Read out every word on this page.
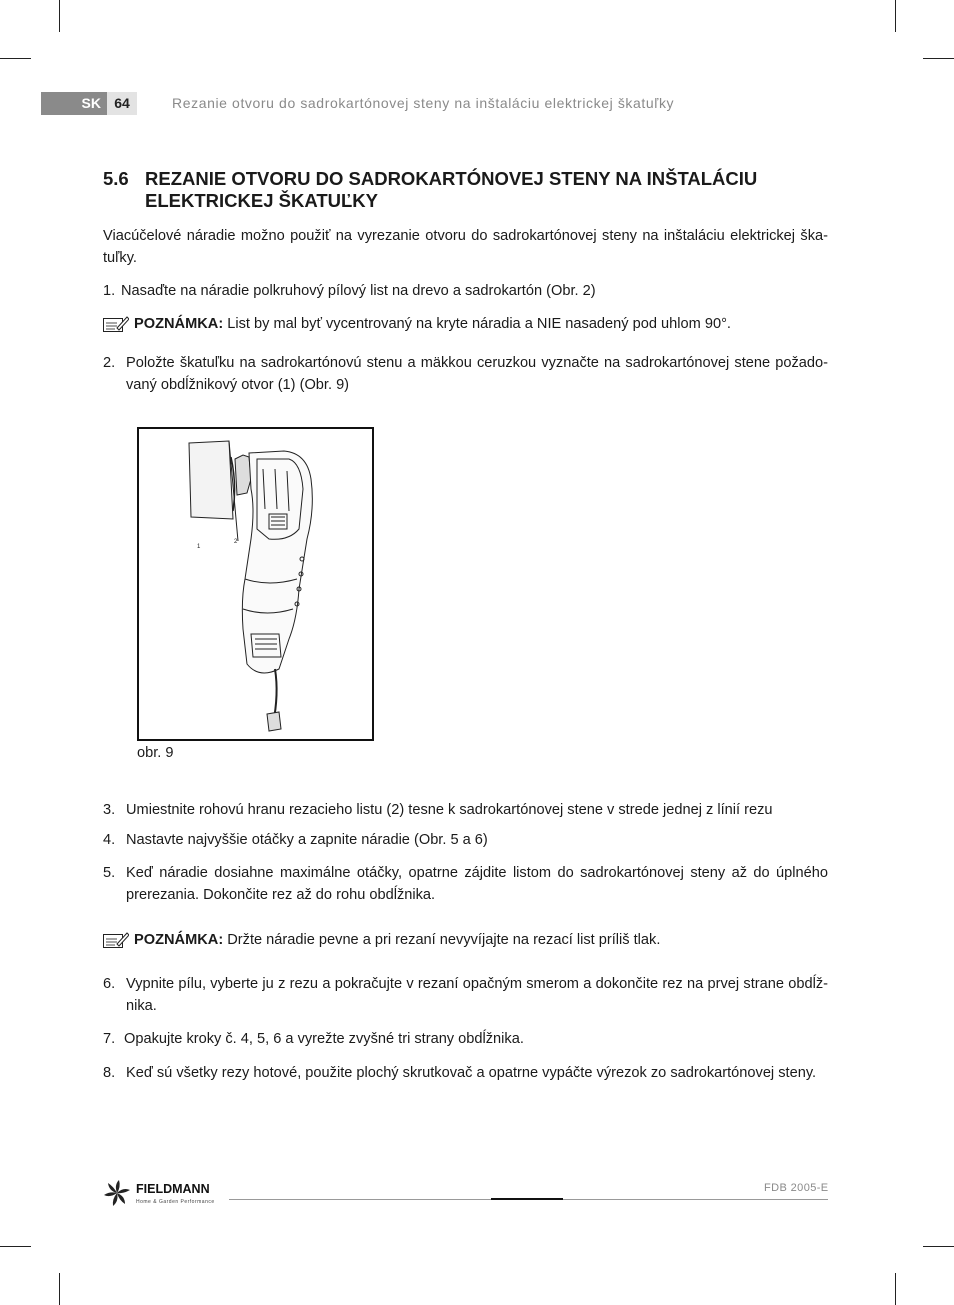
SK 64	Rezanie otvoru do sadrokartónovej steny na inštaláciu elektrickej škatuľky
5.6 REZANIE OTVORU DO SADROKARTÓNOVEJ STENY NA INŠTALÁCIU
ELEKTRICKEJ ŠKATUĽKY
Viacúčelové náradie možno použiť na vyrezanie otvoru do sadrokartónovej steny na inštaláciu elektrickej ška-tuľky.
1. Nasaďte na náradie polkruhový pílový list na drevo a sadrokartón (Obr. 2)
POZNÁMKA: List by mal byť vycentrovaný na kryte náradia a NIE nasadený pod uhlom 90°.
2. Položte škatuľku na sadrokartónovú stenu a mäkkou ceruzkou vyznačte na sadrokartónovej stene požado-vaný obdĺžnikový otvor (1) (Obr. 9)
1
2
obr. 9
3. Umiestnite rohovú hranu rezacieho listu (2) tesne k sadrokartónovej stene v strede jednej z línií rezu
4. Nastavte najvyššie otáčky a zapnite náradie (Obr. 5 a 6)
5. Keď náradie dosiahne maximálne otáčky, opatrne zájdite listom do sadrokartónovej steny až do úplného prerezania. Dokončite rez až do rohu obdĺžnika.
POZNÁMKA: Držte náradie pevne a pri rezaní nevyvíjajte na rezací list príliš tlak.
6. Vypnite pílu, vyberte ju z rezu a pokračujte v rezaní opačným smerom a dokončite rez na prvej strane obdĺž-nika.
7. Opakujte kroky č. 4, 5, 6 a vyrežte zvyšné tri strany obdĺžnika.
8. Keď sú všetky rezy hotové, použite plochý skrutkovač a opatrne vypáčte výrezok zo sadrokartónovej steny.
FIELDMANN
Home & Garden Performance
FDB 2005-E
